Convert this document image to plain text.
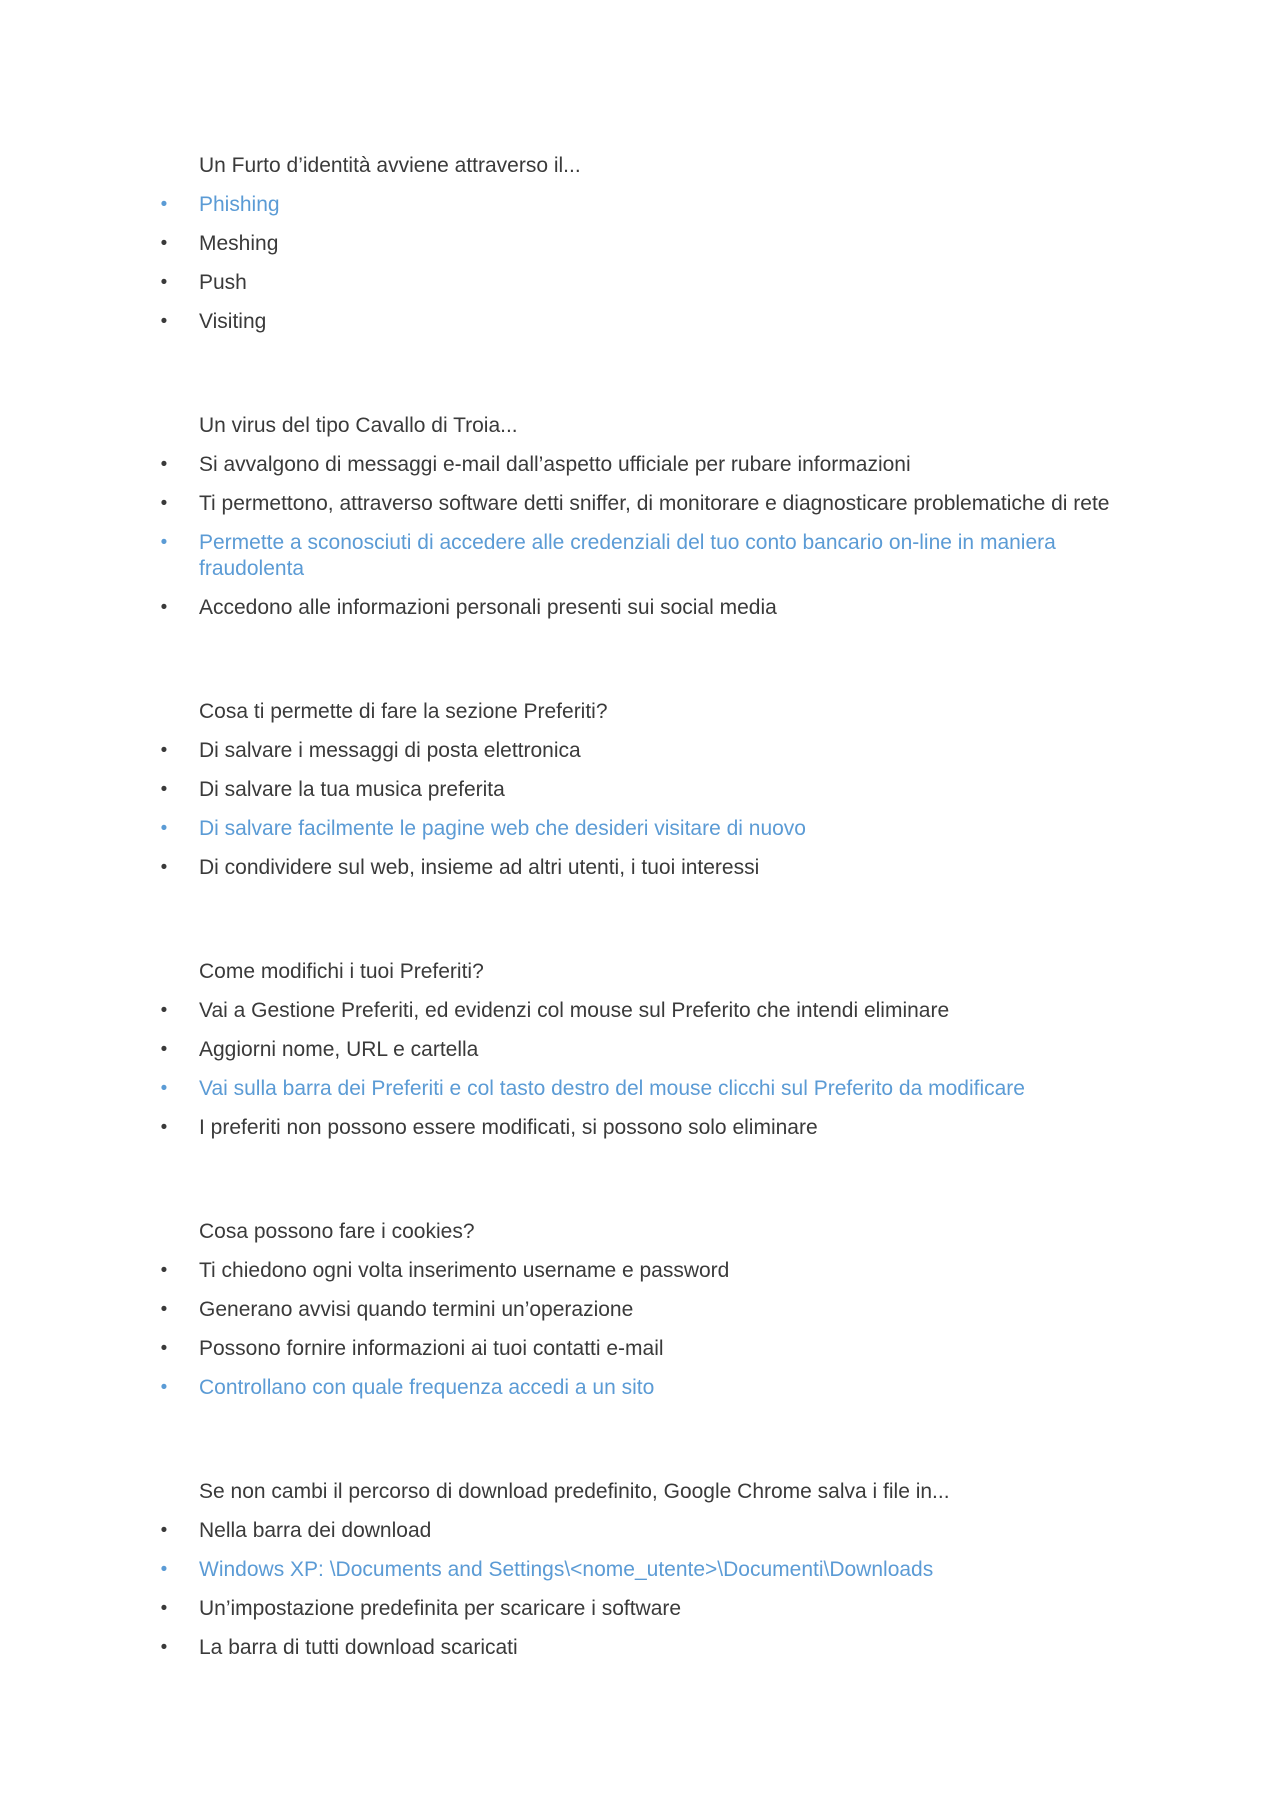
Un Furto d’identità avviene attraverso il...
• Phishing
• Meshing
• Push
• Visiting
Un virus del tipo Cavallo di Troia...
• Si avvalgono di messaggi e-mail dall’aspetto ufficiale per rubare informazioni
• Ti permettono, attraverso software detti sniffer, di monitorare e diagnosticare problematiche di rete
• Permette a sconosciuti di accedere alle credenziali del tuo conto bancario on-line in maniera fraudolenta
• Accedono alle informazioni personali presenti sui social media
Cosa ti permette di fare la sezione Preferiti?
• Di salvare i messaggi di posta elettronica
• Di salvare la tua musica preferita
• Di salvare facilmente le pagine web che desideri visitare di nuovo
• Di condividere sul web, insieme ad altri utenti, i tuoi interessi
Come modifichi i tuoi Preferiti?
• Vai a Gestione Preferiti, ed evidenzi col mouse sul Preferito che intendi eliminare
• Aggiorni nome, URL e cartella
• Vai sulla barra dei Preferiti e col tasto destro del mouse clicchi sul Preferito da modificare
• I preferiti non possono essere modificati, si possono solo eliminare
Cosa possono fare i cookies?
• Ti chiedono ogni volta inserimento username e password
• Generano avvisi quando termini un’operazione
• Possono fornire informazioni ai tuoi contatti e-mail
• Controllano con quale frequenza accedi a un sito
Se non cambi il percorso di download predefinito, Google Chrome salva i file in...
• Nella barra dei download
• Windows XP: \Documents and Settings\<nome_utente>\Documenti\Downloads
• Un’impostazione predefinita per scaricare i software
• La barra di tutti download scaricati
